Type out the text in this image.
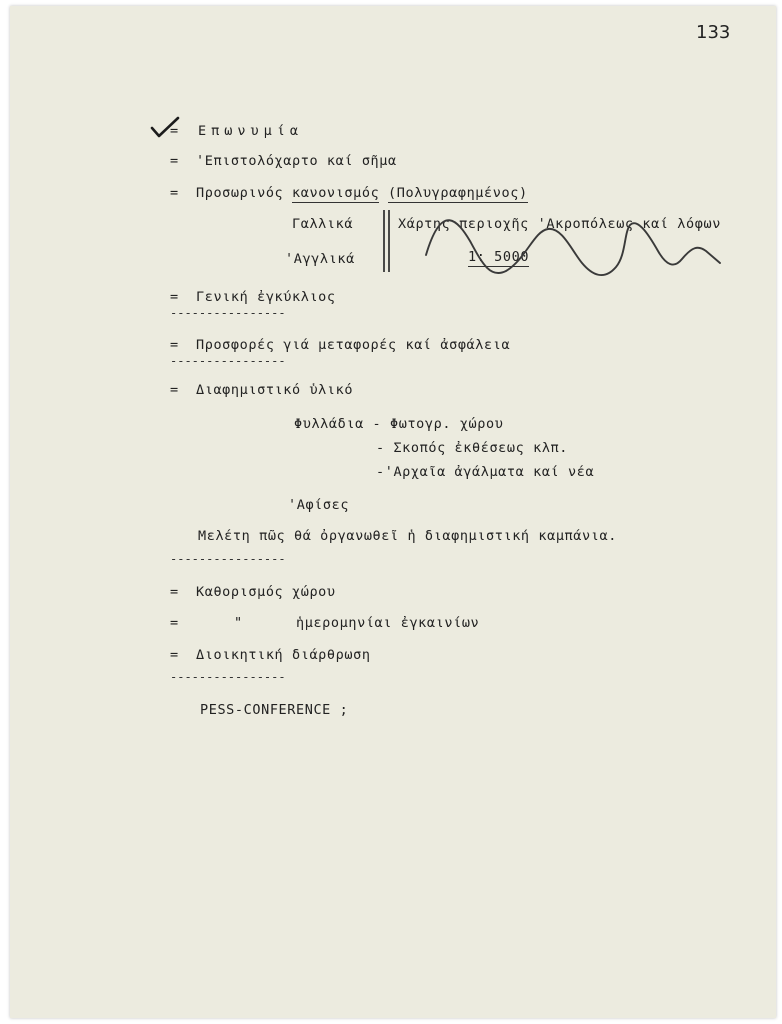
133
= Επωνυμία
= 'Επιστολόχαρτο καί σῆμα
= Προσωρινός κανονισμός (Πολυγραφημένος)
Γαλλικά
'Αγγλικά
Χάρτης περιοχῆς 'Ακροπόλεως καί λόφων
1: 5000
= Γενική ἐγκύκλιος
----------------
= Προσφορές γιά μεταφορές καί ἀσφάλεια
----------------
= Διαφημιστικό ὑλικό
Φυλλάδια - Φωτογρ. χώρου
- Σκοπός ἐκθέσεως κλπ.
-'Αρχαῖα ἀγάλματα καί νέα
'Αφίσες
Μελέτη πῶς θά ὀργανωθεῖ ἡ διαφημιστική καμπάνια.
----------------
= Καθορισμός χώρου
=	"	ἡμερομηνίαι ἐγκαινίων
= Διοικητική διάρθρωση
----------------
PESS-CONFERENCE ;
